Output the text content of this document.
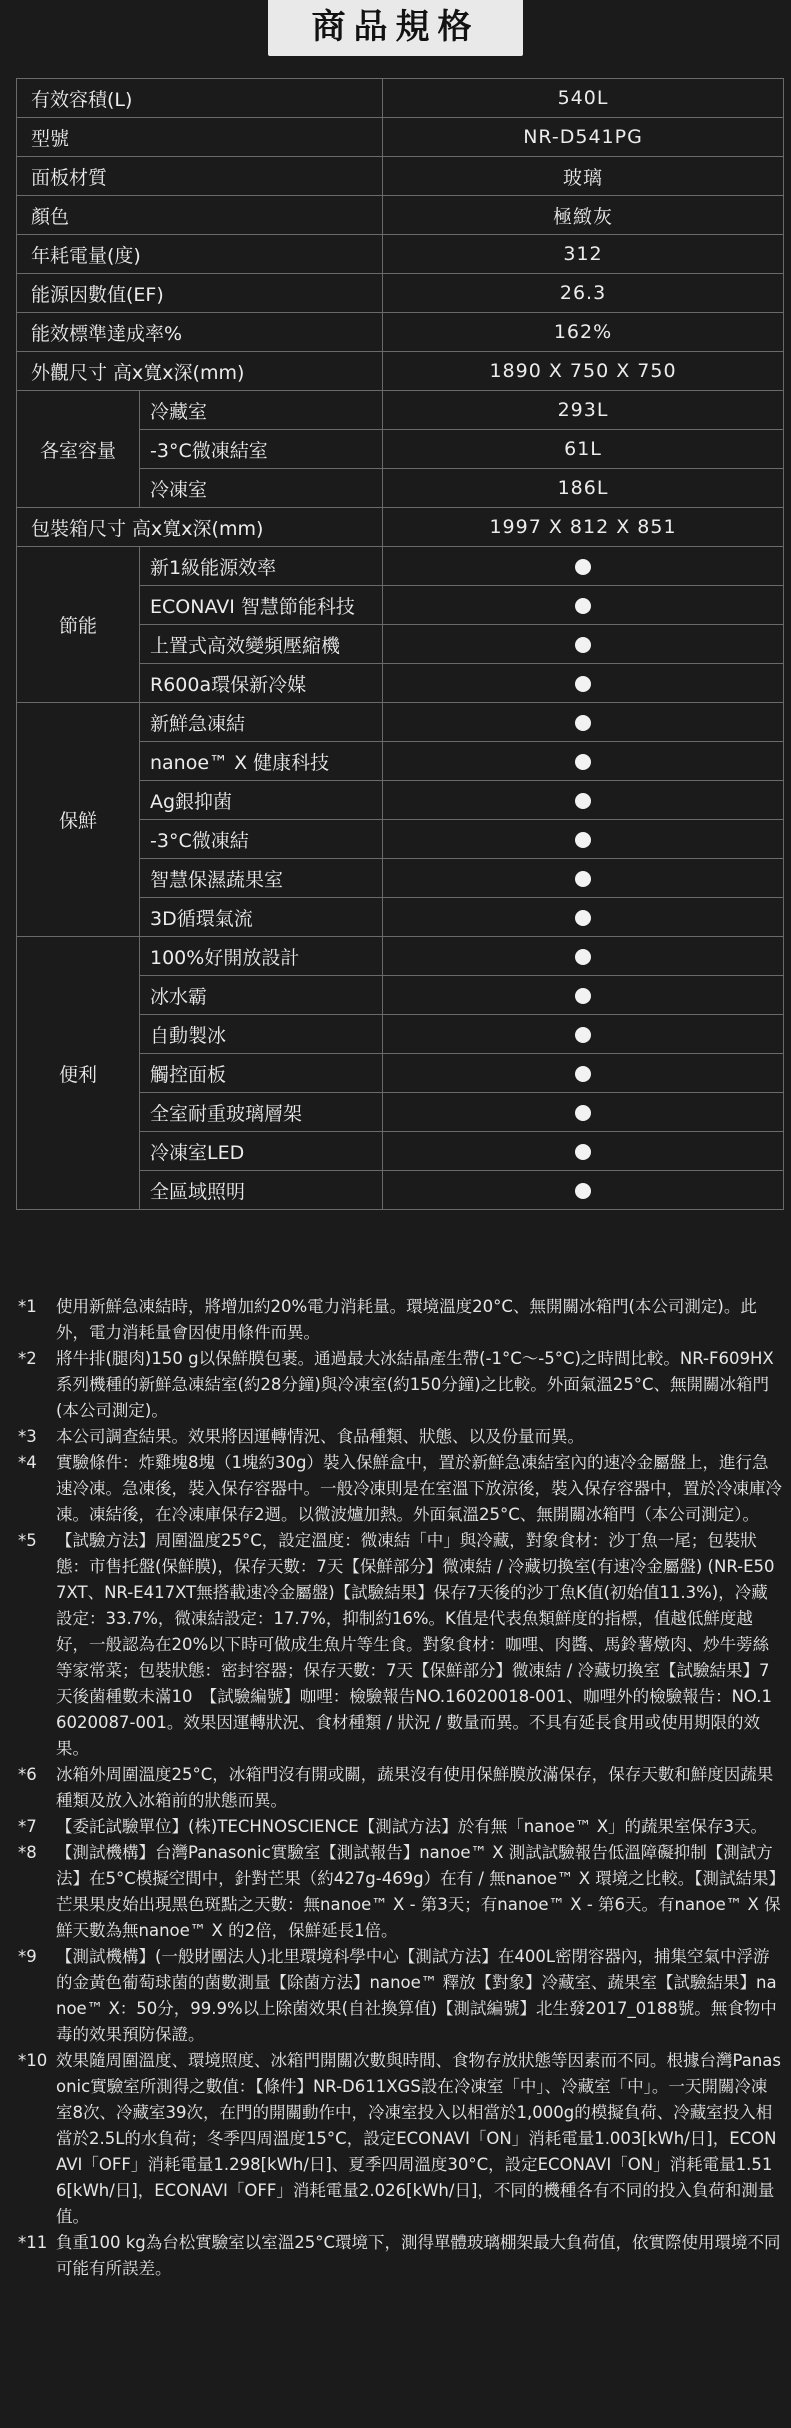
商品規格
有效容積(L)		540L
型號		NR-D541PG
面板材質		玻璃
顏色		極緻灰
年耗電量(度)		312
能源因數值(EF)		26.3
能效標準達成率%		162%
外觀尺寸 高x寬x深(mm)		1890 X 750 X 750
各室容量	冷藏室	293L
	-3°C微凍結室	61L
	冷凍室	186L
包裝箱尺寸 高x寬x深(mm)		1997 X 812 X 851
節能	新1級能源效率	
	ECONAVI 智慧節能科技	
	上置式高效變頻壓縮機	
	R600a環保新冷媒	
保鮮	新鮮急凍結	
	nanoe™ X 健康科技	
	Ag銀抑菌	
	-3°C微凍結	
	智慧保濕蔬果室	
	3D循環氣流	
便利	100%好開放設計	
	冰水霸	
	自動製冰	
	觸控面板	
	全室耐重玻璃層架	
	冷凍室LED	
	全區域照明	
*1	使用新鮮急凍結時，將增加約20%電力消耗量。環境溫度20°C、無開關冰箱門(本公司測定)。此外，電力消耗量會因使用條件而異。
*2	將牛排(腿肉)150 g以保鮮膜包裹。通過最大冰結晶產生帶(-1°C～-5°C)之時間比較。NR-F609HX系列機種的新鮮急凍結室(約28分鐘)與冷凍室(約150分鐘)之比較。外面氣溫25°C、無開關冰箱門(本公司測定)。
*3	本公司調查結果。效果將因運轉情況、食品種類、狀態、以及份量而異。
*4	實驗條件：炸雞塊8塊（1塊約30g）裝入保鮮盒中，置於新鮮急凍結室內的速冷金屬盤上，進行急速冷凍。急凍後，裝入保存容器中。一般冷凍則是在室溫下放涼後，裝入保存容器中，置於冷凍庫冷凍。凍結後，在冷凍庫保存2週。以微波爐加熱。外面氣溫25°C、無開關冰箱門（本公司測定）。
*5	【試驗方法】周圍溫度25°C，設定溫度：微凍結「中」與冷藏，對象食材：沙丁魚一尾；包裝狀態：市售托盤(保鮮膜)，保存天數：7天【保鮮部分】微凍結 / 冷藏切換室(有速冷金屬盤) (NR-E507XT、NR-E417XT無搭載速冷金屬盤)【試驗結果】保存7天後的沙丁魚K值(初始值11.3%)，冷藏設定：33.7%，微凍結設定：17.7%，抑制約16%。K值是代表魚類鮮度的指標，值越低鮮度越好，一般認為在20%以下時可做成生魚片等生食。對象食材：咖哩、肉醬、馬鈴薯燉肉、炒牛蒡絲等家常菜；包裝狀態：密封容器；保存天數：7天【保鮮部分】微凍結 / 冷藏切換室【試驗結果】7天後菌種數未滿10　【試驗編號】咖哩：檢驗報告NO.16020018-001、咖哩外的檢驗報告：NO.16020087-001。效果因運轉狀況、食材種類 / 狀況 / 數量而異。不具有延長食用或使用期限的效果。
*6	冰箱外周圍溫度25°C，冰箱門沒有開或關，蔬果沒有使用保鮮膜放滿保存，保存天數和鮮度因蔬果種類及放入冰箱前的狀態而異。
*7	【委託試驗單位】(株)TECHNOSCIENCE【測試方法】於有無「nanoe™ X」的蔬果室保存3天。
*8	【測試機構】台灣Panasonic實驗室【測試報告】nanoe™ X 測試試驗報告低溫障礙抑制【測試方法】在5°C模擬空間中，針對芒果（約427g-469g）在有 / 無nanoe™ X 環境之比較。【測試結果】芒果果皮始出現黑色斑點之天數：無nanoe™ X - 第3天；有nanoe™ X - 第6天。有nanoe™ X 保鮮天數為無nanoe™ X 的2倍，保鮮延長1倍。
*9	【測試機構】(一般財團法人)北里環境科學中心【測試方法】在400L密閉容器內，捕集空氣中浮游的金黃色葡萄球菌的菌數測量【除菌方法】nanoe™ 釋放【對象】冷藏室、蔬果室【試驗結果】nanoe™ X：50分，99.9%以上除菌效果(自社換算值)【測試編號】北生發2017_0188號。無食物中毒的效果預防保證。
*10 效果隨周圍溫度、環境照度、冰箱門開關次數與時間、食物存放狀態等因素而不同。根據台灣Panasonic實驗室所測得之數值：【條件】NR-D611XGS設在冷凍室「中」、冷藏室「中」。一天開關冷凍室8次、冷藏室39次，在門的開關動作中，冷凍室投入以相當於1,000g的模擬負荷、冷藏室投入相當於2.5L的水負荷；冬季四周溫度15°C，設定ECONAVI「ON」消耗電量1.003[kWh/日]，ECONAVI「OFF」消耗電量1.298[kWh/日]、夏季四周溫度30°C，設定ECONAVI「ON」消耗電量1.516[kWh/日]，ECONAVI「OFF」消耗電量2.026[kWh/日]，不同的機種各有不同的投入負荷和測量值。
*11 負重100 kg為台松實驗室以室溫25°C環境下，測得單體玻璃棚架最大負荷值，依實際使用環境不同可能有所誤差。
